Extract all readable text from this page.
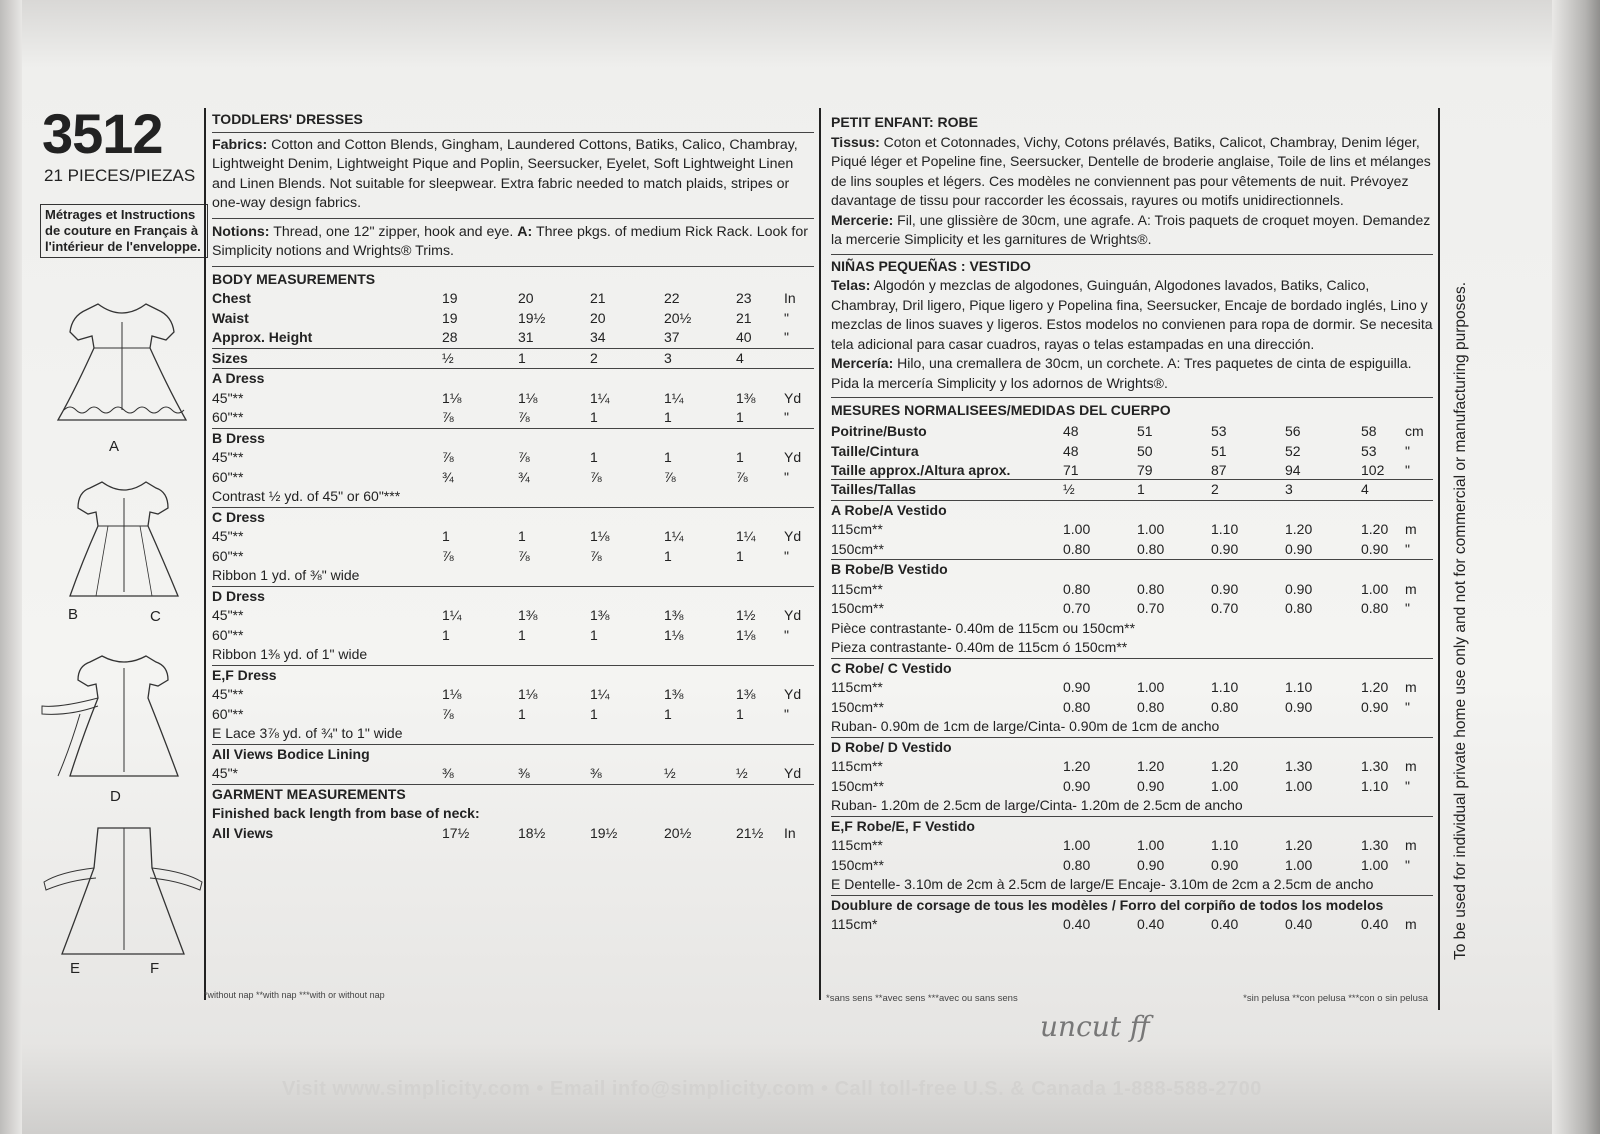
3512
21 PIECES/PIEZAS
Métrages et Instructions de couture en Français à l'intérieur de l'enveloppe.
A
B	C
D
E	F
TODDLERS' DRESSES

Fabrics: Cotton and Cotton Blends, Gingham, Laundered Cottons, Batiks, Calico, Chambray, Lightweight Denim, Lightweight Pique and Poplin, Seersucker, Eyelet, Soft Lightweight Linen and Linen Blends. Not suitable for sleepwear. Extra fabric needed to match plaids, stripes or one-way design fabrics.

Notions: Thread, one 12" zipper, hook and eye. A: Three pkgs. of medium Rick Rack. Look for Simplicity notions and Wrights® Trims.

BODY MEASUREMENTS						
Chest	19	20	21	22	23	In
Waist	19	19½	20	20½	21	"
Approx. Height	28	31	34	37	40	"
Sizes	½	1	2	3	4	
A Dress						
45"**	1⅛	1⅛	1¼	1¼	1⅜	Yd
60"**	⅞	⅞	1	1	1	"
B Dress						
45"**	⅞	⅞	1	1	1	Yd
60"**	¾	¾	⅞	⅞	⅞	"
Contrast ½ yd. of 45" or 60"***						
C Dress						
45"**	1	1	1⅛	1¼	1¼	Yd
60"**	⅞	⅞	⅞	1	1	"
Ribbon 1 yd. of ⅜" wide						
D Dress						
45"**	1¼	1⅜	1⅜	1⅜	1½	Yd
60"**	1	1	1	1⅛	1⅛	"
Ribbon 1⅜ yd. of 1" wide						
E,F Dress						
45"**	1⅛	1⅛	1¼	1⅜	1⅜	Yd
60"**	⅞	1	1	1	1	"
E Lace 3⅞ yd. of ¾" to 1" wide						
All Views Bodice Lining						
45"*	⅜	⅜	⅜	½	½	Yd
GARMENT MEASUREMENTS						
Finished back length from base of neck:						
All Views	17½	18½	19½	20½	21½	In
*without nap **with nap ***with or without nap
PETIT ENFANT: ROBE

Tissus: Coton et Cotonnades, Vichy, Cotons prélavés, Batiks, Calicot, Chambray, Denim léger, Piqué léger et Popeline fine, Seersucker, Dentelle de broderie anglaise, Toile de lins et mélanges de lins souples et légers. Ces modèles ne conviennent pas pour vêtements de nuit. Prévoyez davantage de tissu pour raccorder les écossais, rayures ou motifs unidirectionnels.

Mercerie: Fil, une glissière de 30cm, une agrafe. A: Trois paquets de croquet moyen. Demandez la mercerie Simplicity et les garnitures de Wrights®.

NIÑAS PEQUEÑAS : VESTIDO

Telas: Algodón y mezclas de algodones, Guinguán, Algodones lavados, Batiks, Calico, Chambray, Dril ligero, Pique ligero y Popelina fina, Seersucker, Encaje de bordado inglés, Lino y mezclas de linos suaves y ligeros. Estos modelos no convienen para ropa de dormir. Se necesita tela adicional para casar cuadros, rayas o telas estampadas en una dirección.

Mercería: Hilo, una cremallera de 30cm, un corchete. A: Tres paquetes de cinta de espiguilla. Pida la mercería Simplicity y los adornos de Wrights®.

MESURES NORMALISEES/MEDIDAS DEL CUERPO						
Poitrine/Busto	48	51	53	56	58	cm
Taille/Cintura	48	50	51	52	53	"
Taille approx./Altura aprox.	71	79	87	94	102	"
Tailles/Tallas	½	1	2	3	4	
A Robe/A Vestido						
115cm**	1.00	1.00	1.10	1.20	1.20	m
150cm**	0.80	0.80	0.90	0.90	0.90	"
B Robe/B Vestido						
115cm**	0.80	0.80	0.90	0.90	1.00	m
150cm**	0.70	0.70	0.70	0.80	0.80	"
Pièce contrastante- 0.40m de 115cm ou 150cm**						
Pieza contrastante- 0.40m de 115cm ó 150cm**						
C Robe/ C Vestido						
115cm**	0.90	1.00	1.10	1.10	1.20	m
150cm**	0.80	0.80	0.80	0.90	0.90	"
Ruban- 0.90m de 1cm de large/Cinta- 0.90m de 1cm de ancho						
D Robe/ D Vestido						
115cm**	1.20	1.20	1.20	1.30	1.30	m
150cm**	0.90	0.90	1.00	1.00	1.10	"
Ruban- 1.20m de 2.5cm de large/Cinta- 1.20m de 2.5cm de ancho						
E,F Robe/E, F Vestido						
115cm**	1.00	1.00	1.10	1.20	1.30	m
150cm**	0.80	0.90	0.90	1.00	1.00	"
E Dentelle- 3.10m de 2cm à 2.5cm de large/E Encaje- 3.10m de 2cm a 2.5cm de ancho						
Doublure de corsage de tous les modèles / Forro del corpiño de todos los modelos						
115cm*	0.40	0.40	0.40	0.40	0.40	m
*sans sens **avec sens ***avec ou sans sens	*sin pelusa **con pelusa ***con o sin pelusa
To be used for individual private home use only and not for commercial or manufacturing purposes.
uncut ff
Visit www.simplicity.com • Email info@simplicity.com • Call toll-free U.S. & Canada 1-888-588-2700
